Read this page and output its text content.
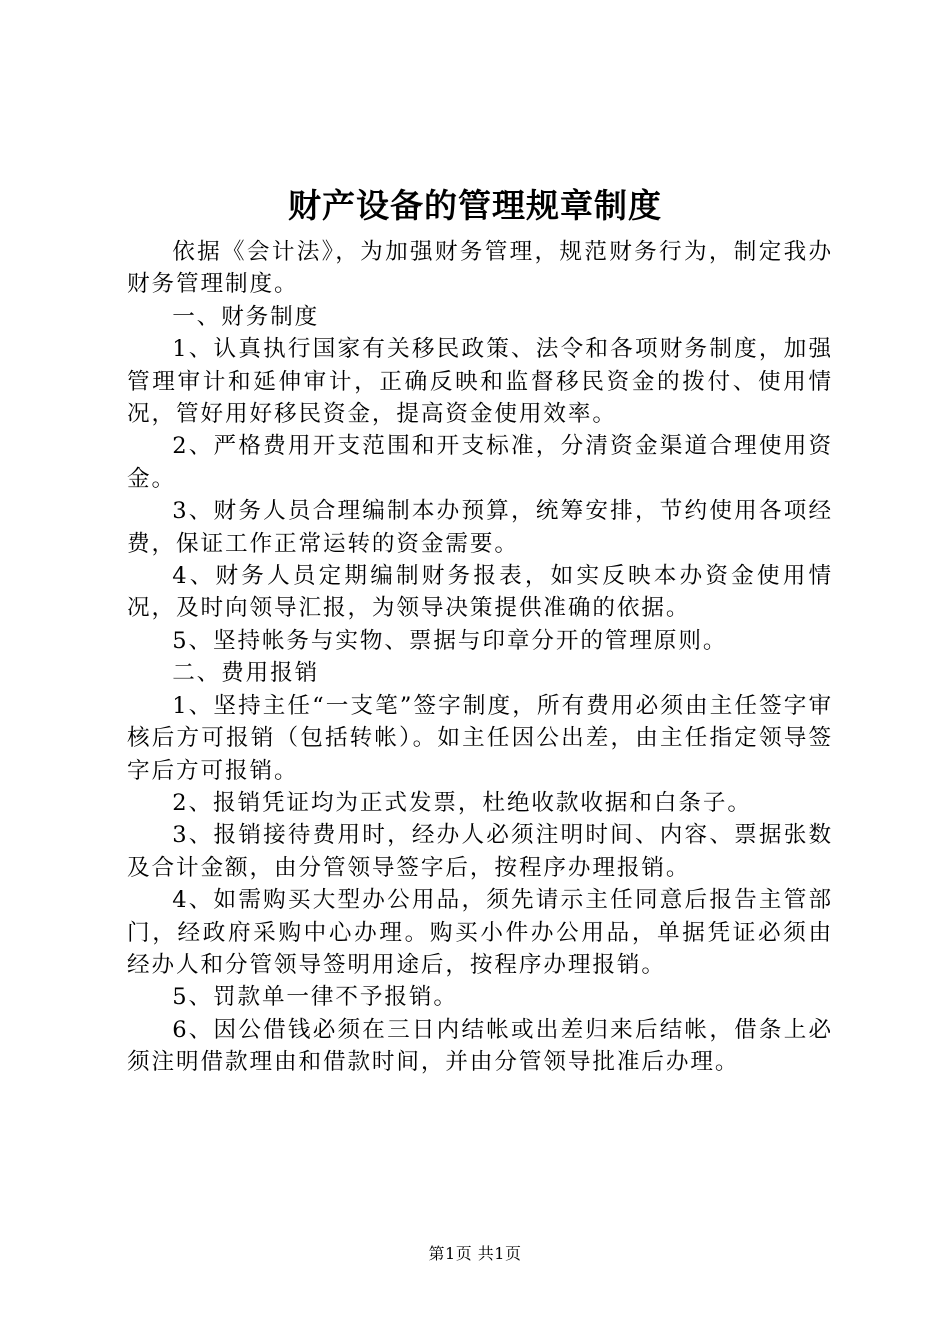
财产设备的管理规章制度

依据《会计法》，为加强财务管理，规范财务行为，制定我办财务管理制度。

一、财务制度

1、认真执行国家有关移民政策、法令和各项财务制度，加强管理审计和延伸审计，正确反映和监督移民资金的拨付、使用情况，管好用好移民资金，提高资金使用效率。

2、严格费用开支范围和开支标准，分清资金渠道合理使用资金。

3、财务人员合理编制本办预算，统筹安排，节约使用各项经费，保证工作正常运转的资金需要。

4、财务人员定期编制财务报表，如实反映本办资金使用情况，及时向领导汇报，为领导决策提供准确的依据。

5、坚持帐务与实物、票据与印章分开的管理原则。

二、费用报销

1、坚持主任“一支笔”签字制度，所有费用必须由主任签字审核后方可报销（包括转帐）。如主任因公出差，由主任指定领导签字后方可报销。

2、报销凭证均为正式发票，杜绝收款收据和白条子。

3、报销接待费用时，经办人必须注明时间、内容、票据张数及合计金额，由分管领导签字后，按程序办理报销。

4、如需购买大型办公用品，须先请示主任同意后报告主管部门，经政府采购中心办理。购买小件办公用品，单据凭证必须由经办人和分管领导签明用途后，按程序办理报销。

5、罚款单一律不予报销。

6、因公借钱必须在三日内结帐或出差归来后结帐，借条上必须注明借款理由和借款时间，并由分管领导批准后办理。

第1页 共1页
